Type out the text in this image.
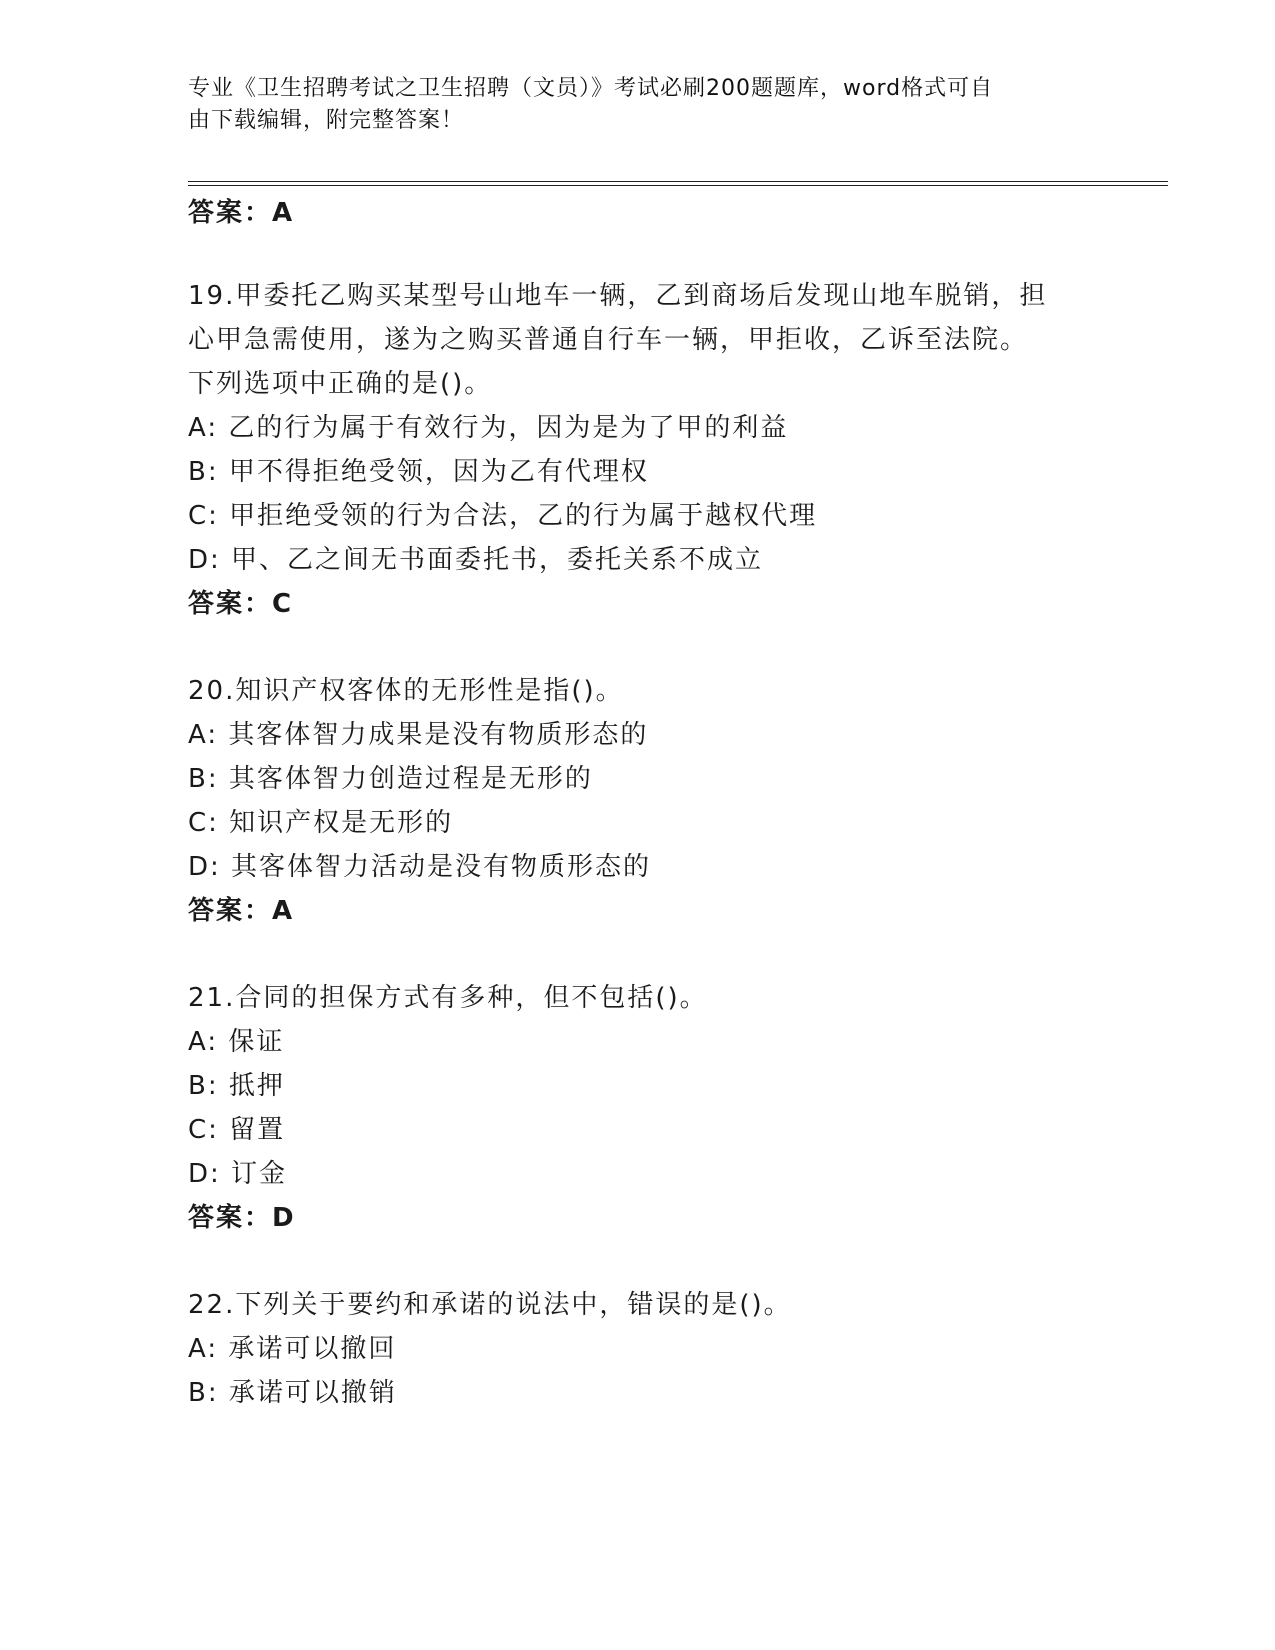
专业《卫生招聘考试之卫生招聘（文员）》考试必刷200题题库，word格式可自
由下载编辑，附完整答案！
答案：A
19.甲委托乙购买某型号山地车一辆，乙到商场后发现山地车脱销，担
心甲急需使用，遂为之购买普通自行车一辆，甲拒收，乙诉至法院。
下列选项中正确的是()。
A: 乙的行为属于有效行为，因为是为了甲的利益
B: 甲不得拒绝受领，因为乙有代理权
C: 甲拒绝受领的行为合法，乙的行为属于越权代理
D: 甲、乙之间无书面委托书，委托关系不成立
答案：C
20.知识产权客体的无形性是指()。
A: 其客体智力成果是没有物质形态的
B: 其客体智力创造过程是无形的
C: 知识产权是无形的
D: 其客体智力活动是没有物质形态的
答案：A
21.合同的担保方式有多种，但不包括()。
A: 保证
B: 抵押
C: 留置
D: 订金
答案：D
22.下列关于要约和承诺的说法中，错误的是()。
A: 承诺可以撤回
B: 承诺可以撤销
